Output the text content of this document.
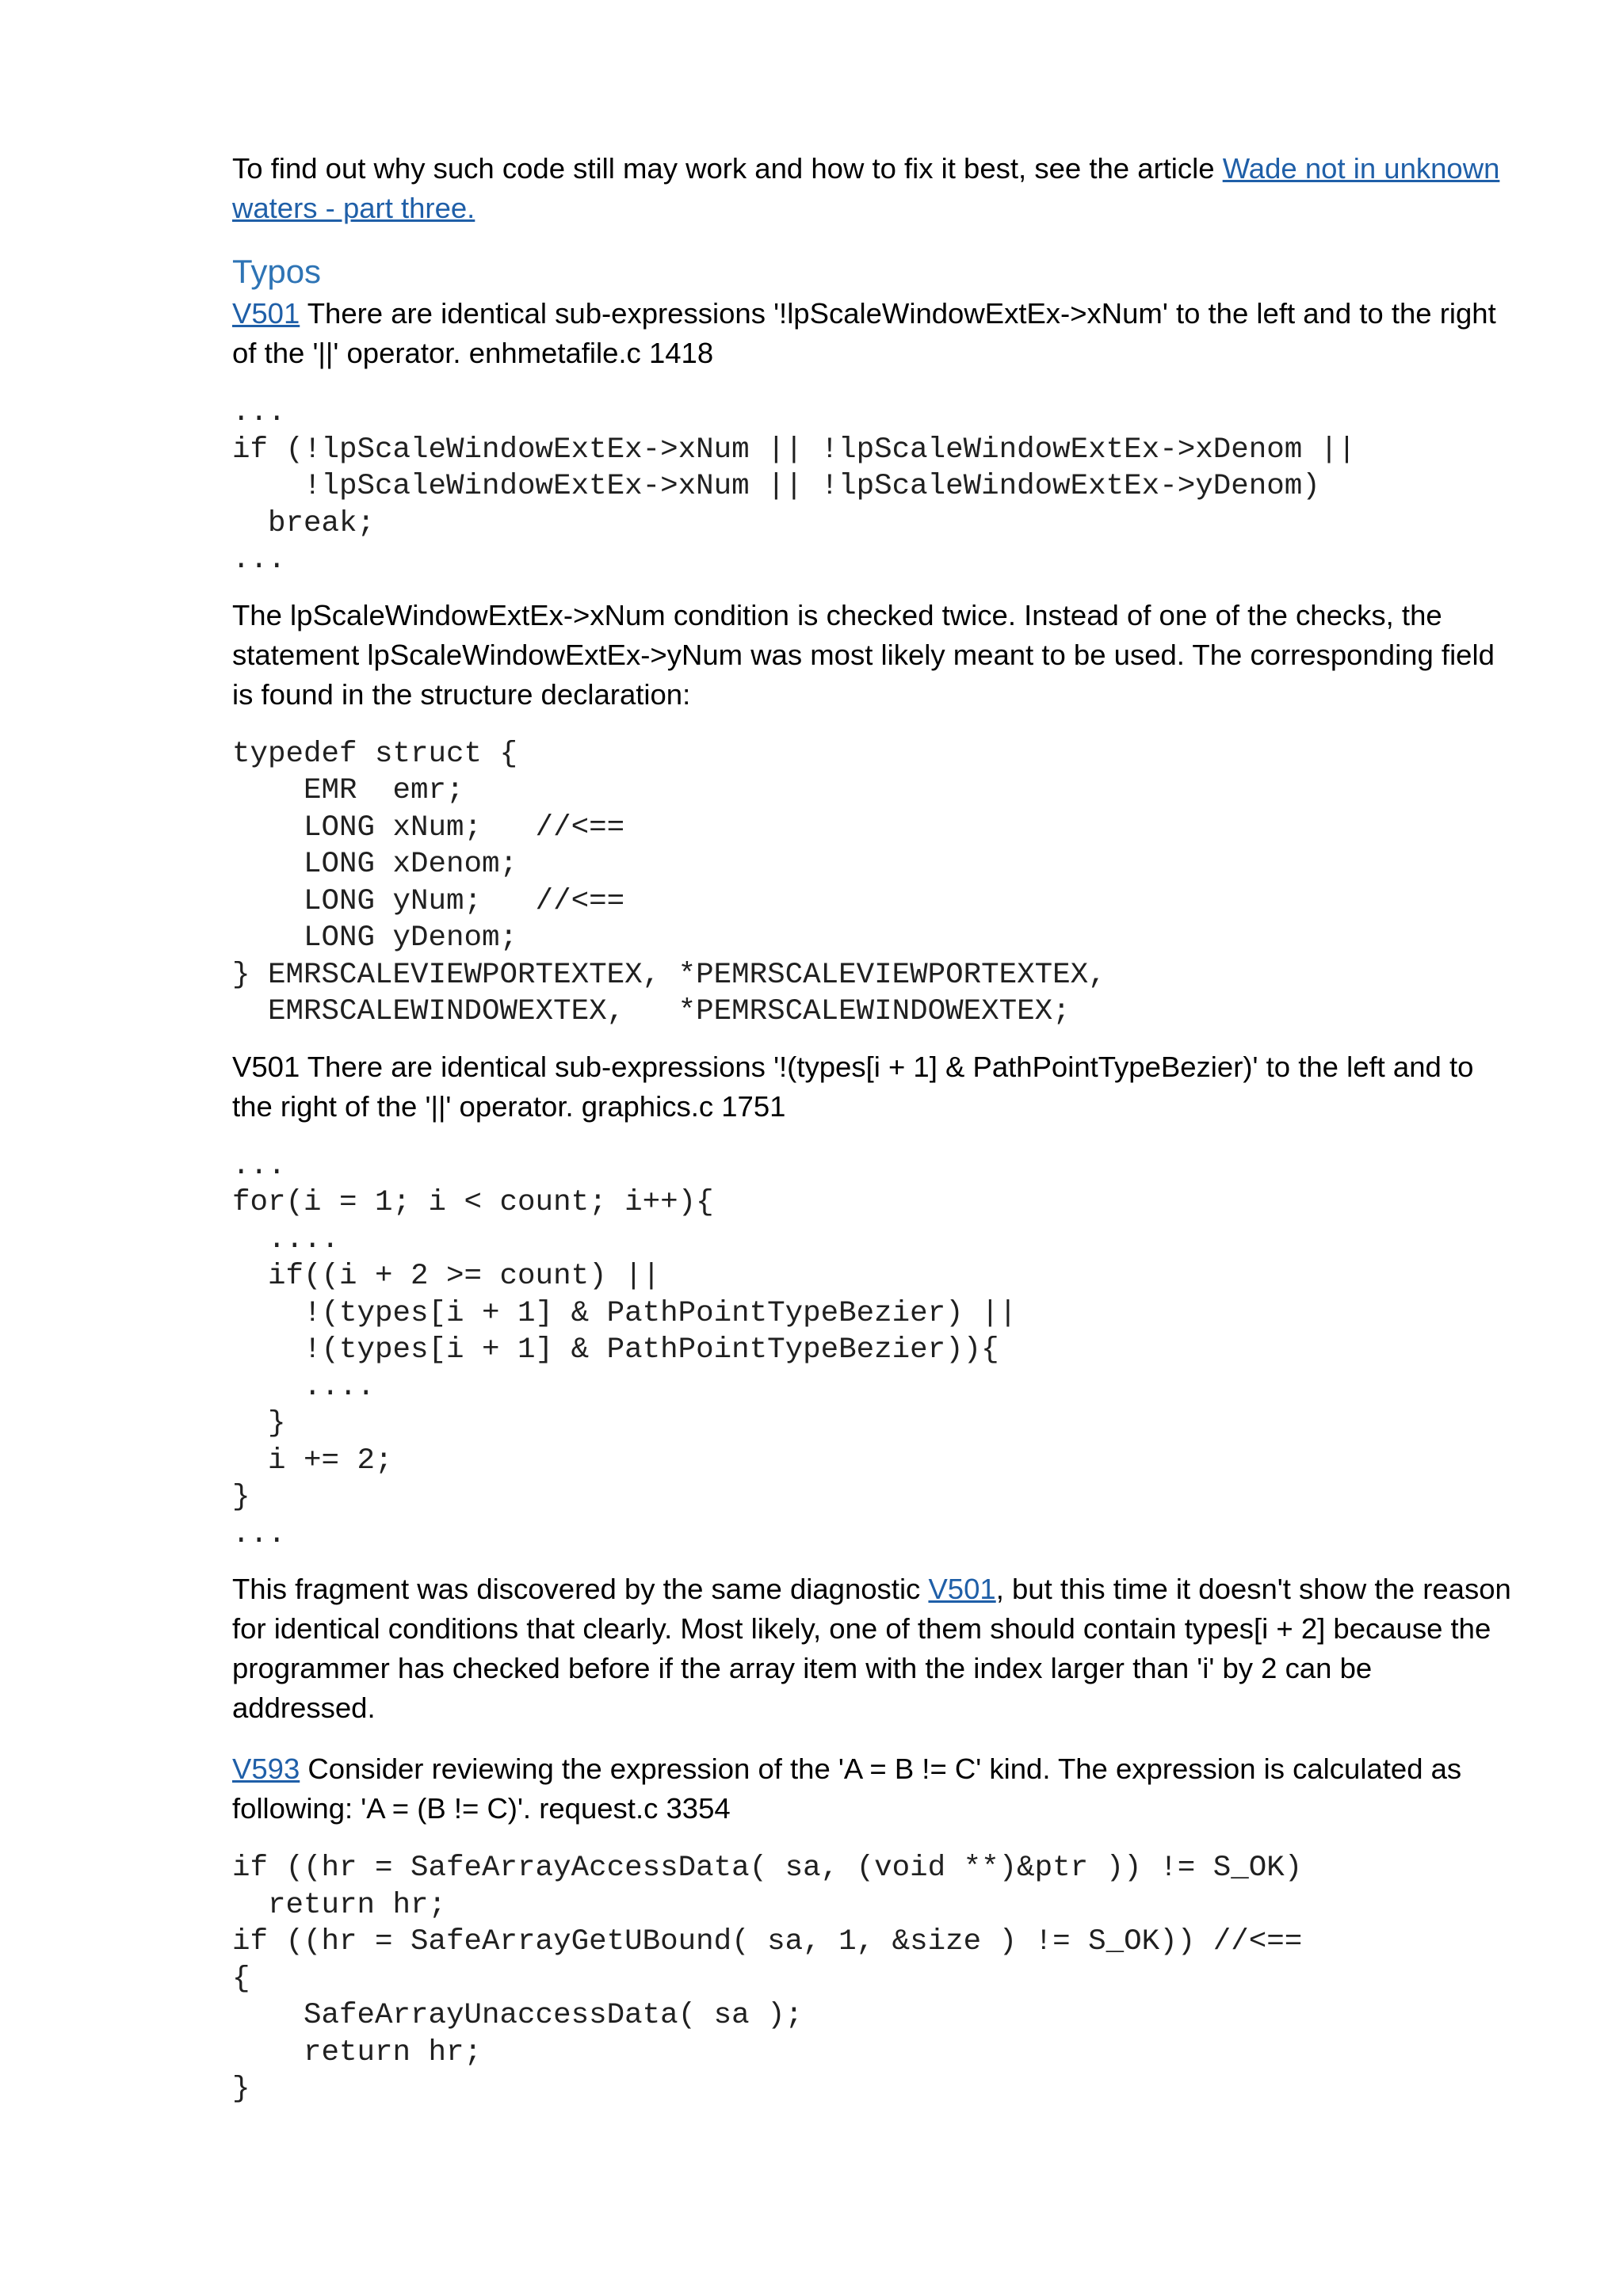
To find out why such code still may work and how to fix it best, see the article Wade not in unknown waters - part three.

Typos

V501 There are identical sub-expressions '!lpScaleWindowExtEx->xNum' to the left and to the right of the '||' operator. enhmetafile.c 1418

...
if (!lpScaleWindowExtEx->xNum || !lpScaleWindowExtEx->xDenom ||
!lpScaleWindowExtEx->xNum || !lpScaleWindowExtEx->yDenom)
break;
...

The lpScaleWindowExtEx->xNum condition is checked twice. Instead of one of the checks, the statement lpScaleWindowExtEx->yNum was most likely meant to be used. The corresponding field is found in the structure declaration:

typedef struct {
EMR  emr;
LONG xNum;   //<==
LONG xDenom;
LONG yNum;   //<==
LONG yDenom;
} EMRSCALEVIEWPORTEXTEX, *PEMRSCALEVIEWPORTEXTEX,
EMRSCALEWINDOWEXTEX,   *PEMRSCALEWINDOWEXTEX;

V501 There are identical sub-expressions '!(types[i + 1] & PathPointTypeBezier)' to the left and to the right of the '||' operator. graphics.c 1751

...
for(i = 1; i < count; i++){
....
if((i + 2 >= count) ||
!(types[i + 1] & PathPointTypeBezier) ||
!(types[i + 1] & PathPointTypeBezier)){
....
}
i += 2;
}
...

This fragment was discovered by the same diagnostic V501, but this time it doesn't show the reason for identical conditions that clearly. Most likely, one of them should contain types[i + 2] because the programmer has checked before if the array item with the index larger than 'i' by 2 can be addressed.

V593 Consider reviewing the expression of the 'A = B != C' kind. The expression is calculated as following: 'A = (B != C)'. request.c 3354

if ((hr = SafeArrayAccessData( sa, (void **)&ptr )) != S_OK)
return hr;
if ((hr = SafeArrayGetUBound( sa, 1, &size ) != S_OK)) //<==
{
SafeArrayUnaccessData( sa );
return hr;
}
